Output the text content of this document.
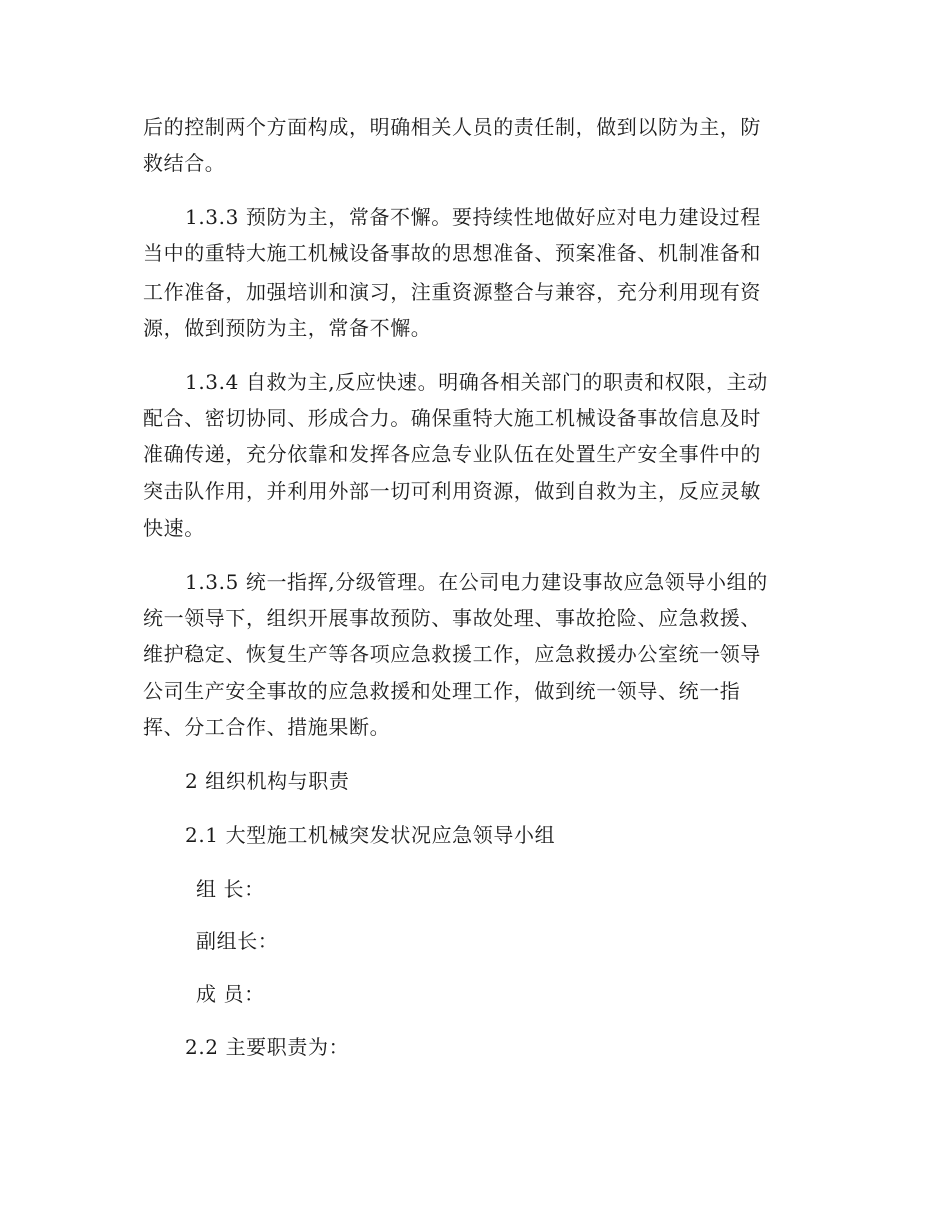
后的控制两个方面构成，明确相关人员的责任制，做到以防为主，防
救结合。
1.3.3 预防为主，常备不懈。要持续性地做好应对电力建设过程
当中的重特大施工机械设备事故的思想准备、预案准备、机制准备和
工作准备，加强培训和演习，注重资源整合与兼容，充分利用现有资
源，做到预防为主，常备不懈。
1.3.4 自救为主,反应快速。明确各相关部门的职责和权限，主动
配合、密切协同、形成合力。确保重特大施工机械设备事故信息及时
准确传递，充分依靠和发挥各应急专业队伍在处置生产安全事件中的
突击队作用，并利用外部一切可利用资源，做到自救为主，反应灵敏
快速。
1.3.5 统一指挥,分级管理。在公司电力建设事故应急领导小组的
统一领导下，组织开展事故预防、事故处理、事故抢险、应急救援、
维护稳定、恢复生产等各项应急救援工作，应急救援办公室统一领导
公司生产安全事故的应急救援和处理工作，做到统一领导、统一指
挥、分工合作、措施果断。
2 组织机构与职责
2.1 大型施工机械突发状况应急领导小组
组 长：
副组长：
成 员：
2.2 主要职责为：
